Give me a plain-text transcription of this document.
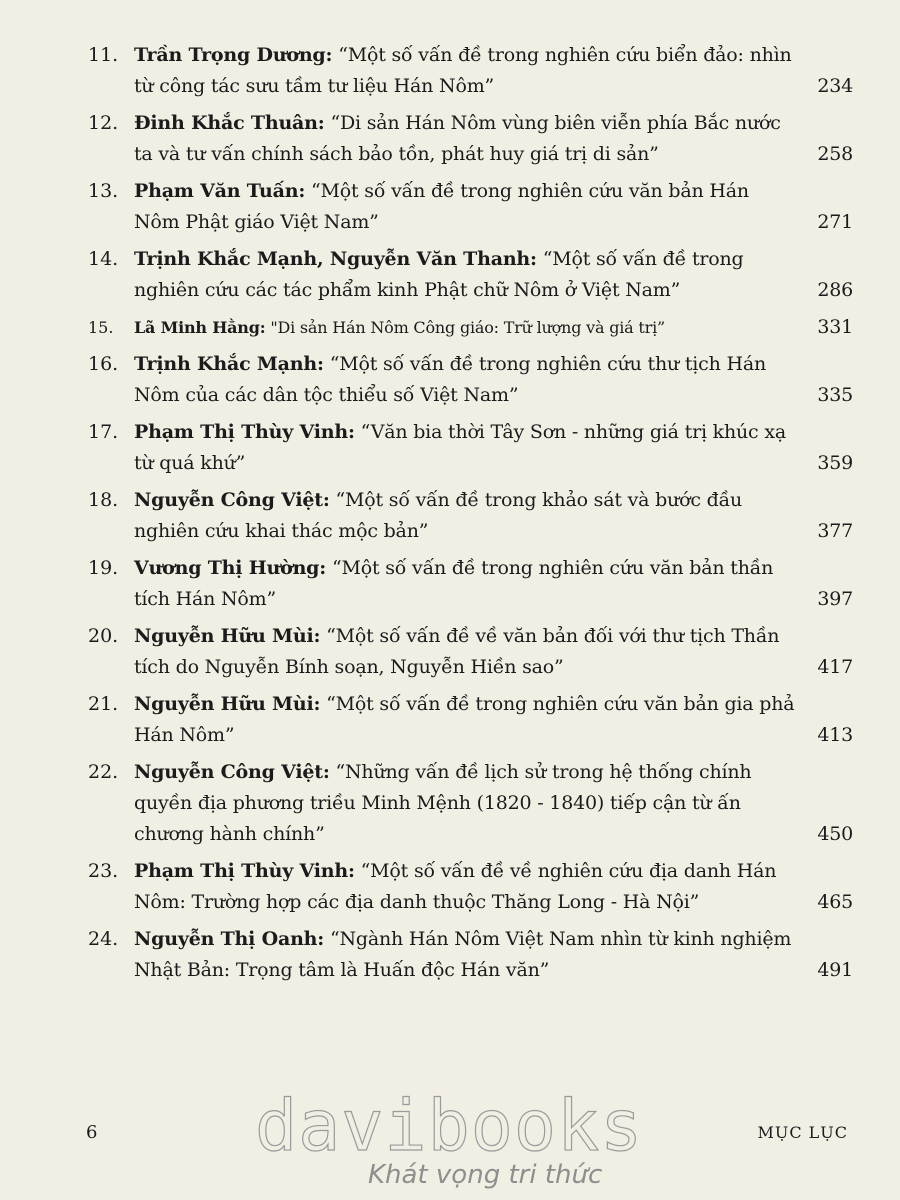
11. Trần Trọng Dương: “Một số vấn đề trong nghiên cứu biển đảo: nhìn từ công tác sưu tầm tư liệu Hán Nôm”	234
12. Đinh Khắc Thuân: “Di sản Hán Nôm vùng biên viễn phía Bắc nước ta và tư vấn chính sách bảo tồn, phát huy giá trị di sản”	258
13. Phạm Văn Tuấn: “Một số vấn đề trong nghiên cứu văn bản Hán Nôm Phật giáo Việt Nam”	271
14. Trịnh Khắc Mạnh, Nguyễn Văn Thanh: “Một số vấn đề trong nghiên cứu các tác phẩm kinh Phật chữ Nôm ở Việt Nam”	286
15.	Lã Minh Hằng: "Di sản Hán Nôm Công giáo: Trữ lượng và giá trị”	331
16. Trịnh Khắc Mạnh: “Một số vấn đề trong nghiên cứu thư tịch Hán Nôm của các dân tộc thiểu số Việt Nam”	335
17. Phạm Thị Thùy Vinh: “Văn bia thời Tây Sơn - những giá trị khúc xạ từ quá khứ”	359
18. Nguyễn Công Việt: “Một số vấn đề trong khảo sát và bước đầu nghiên cứu khai thác mộc bản”	377
19. Vương Thị Hường: “Một số vấn đề trong nghiên cứu văn bản thần tích Hán Nôm”	397
20. Nguyễn Hữu Mùi: “Một số vấn đề về văn bản đối với thư tịch Thần tích do Nguyễn Bính soạn, Nguyễn Hiền sao”	417
21. Nguyễn Hữu Mùi: “Một số vấn đề trong nghiên cứu văn bản gia phả Hán Nôm”	413
22. Nguyễn Công Việt: “Những vấn đề lịch sử trong hệ thống chính quyền địa phương triều Minh Mệnh (1820 - 1840) tiếp cận từ ấn chương hành chính”	450
23. Phạm Thị Thùy Vinh: “Một số vấn đề về nghiên cứu địa danh Hán Nôm: Trường hợp các địa danh thuộc Thăng Long - Hà Nội”	465
24. Nguyễn Thị Oanh: “Ngành Hán Nôm Việt Nam nhìn từ kinh nghiệm Nhật Bản: Trọng tâm là Huấn độc Hán văn”	491
6	MỤC LỤC
davibooks
Khát vọng tri thức
